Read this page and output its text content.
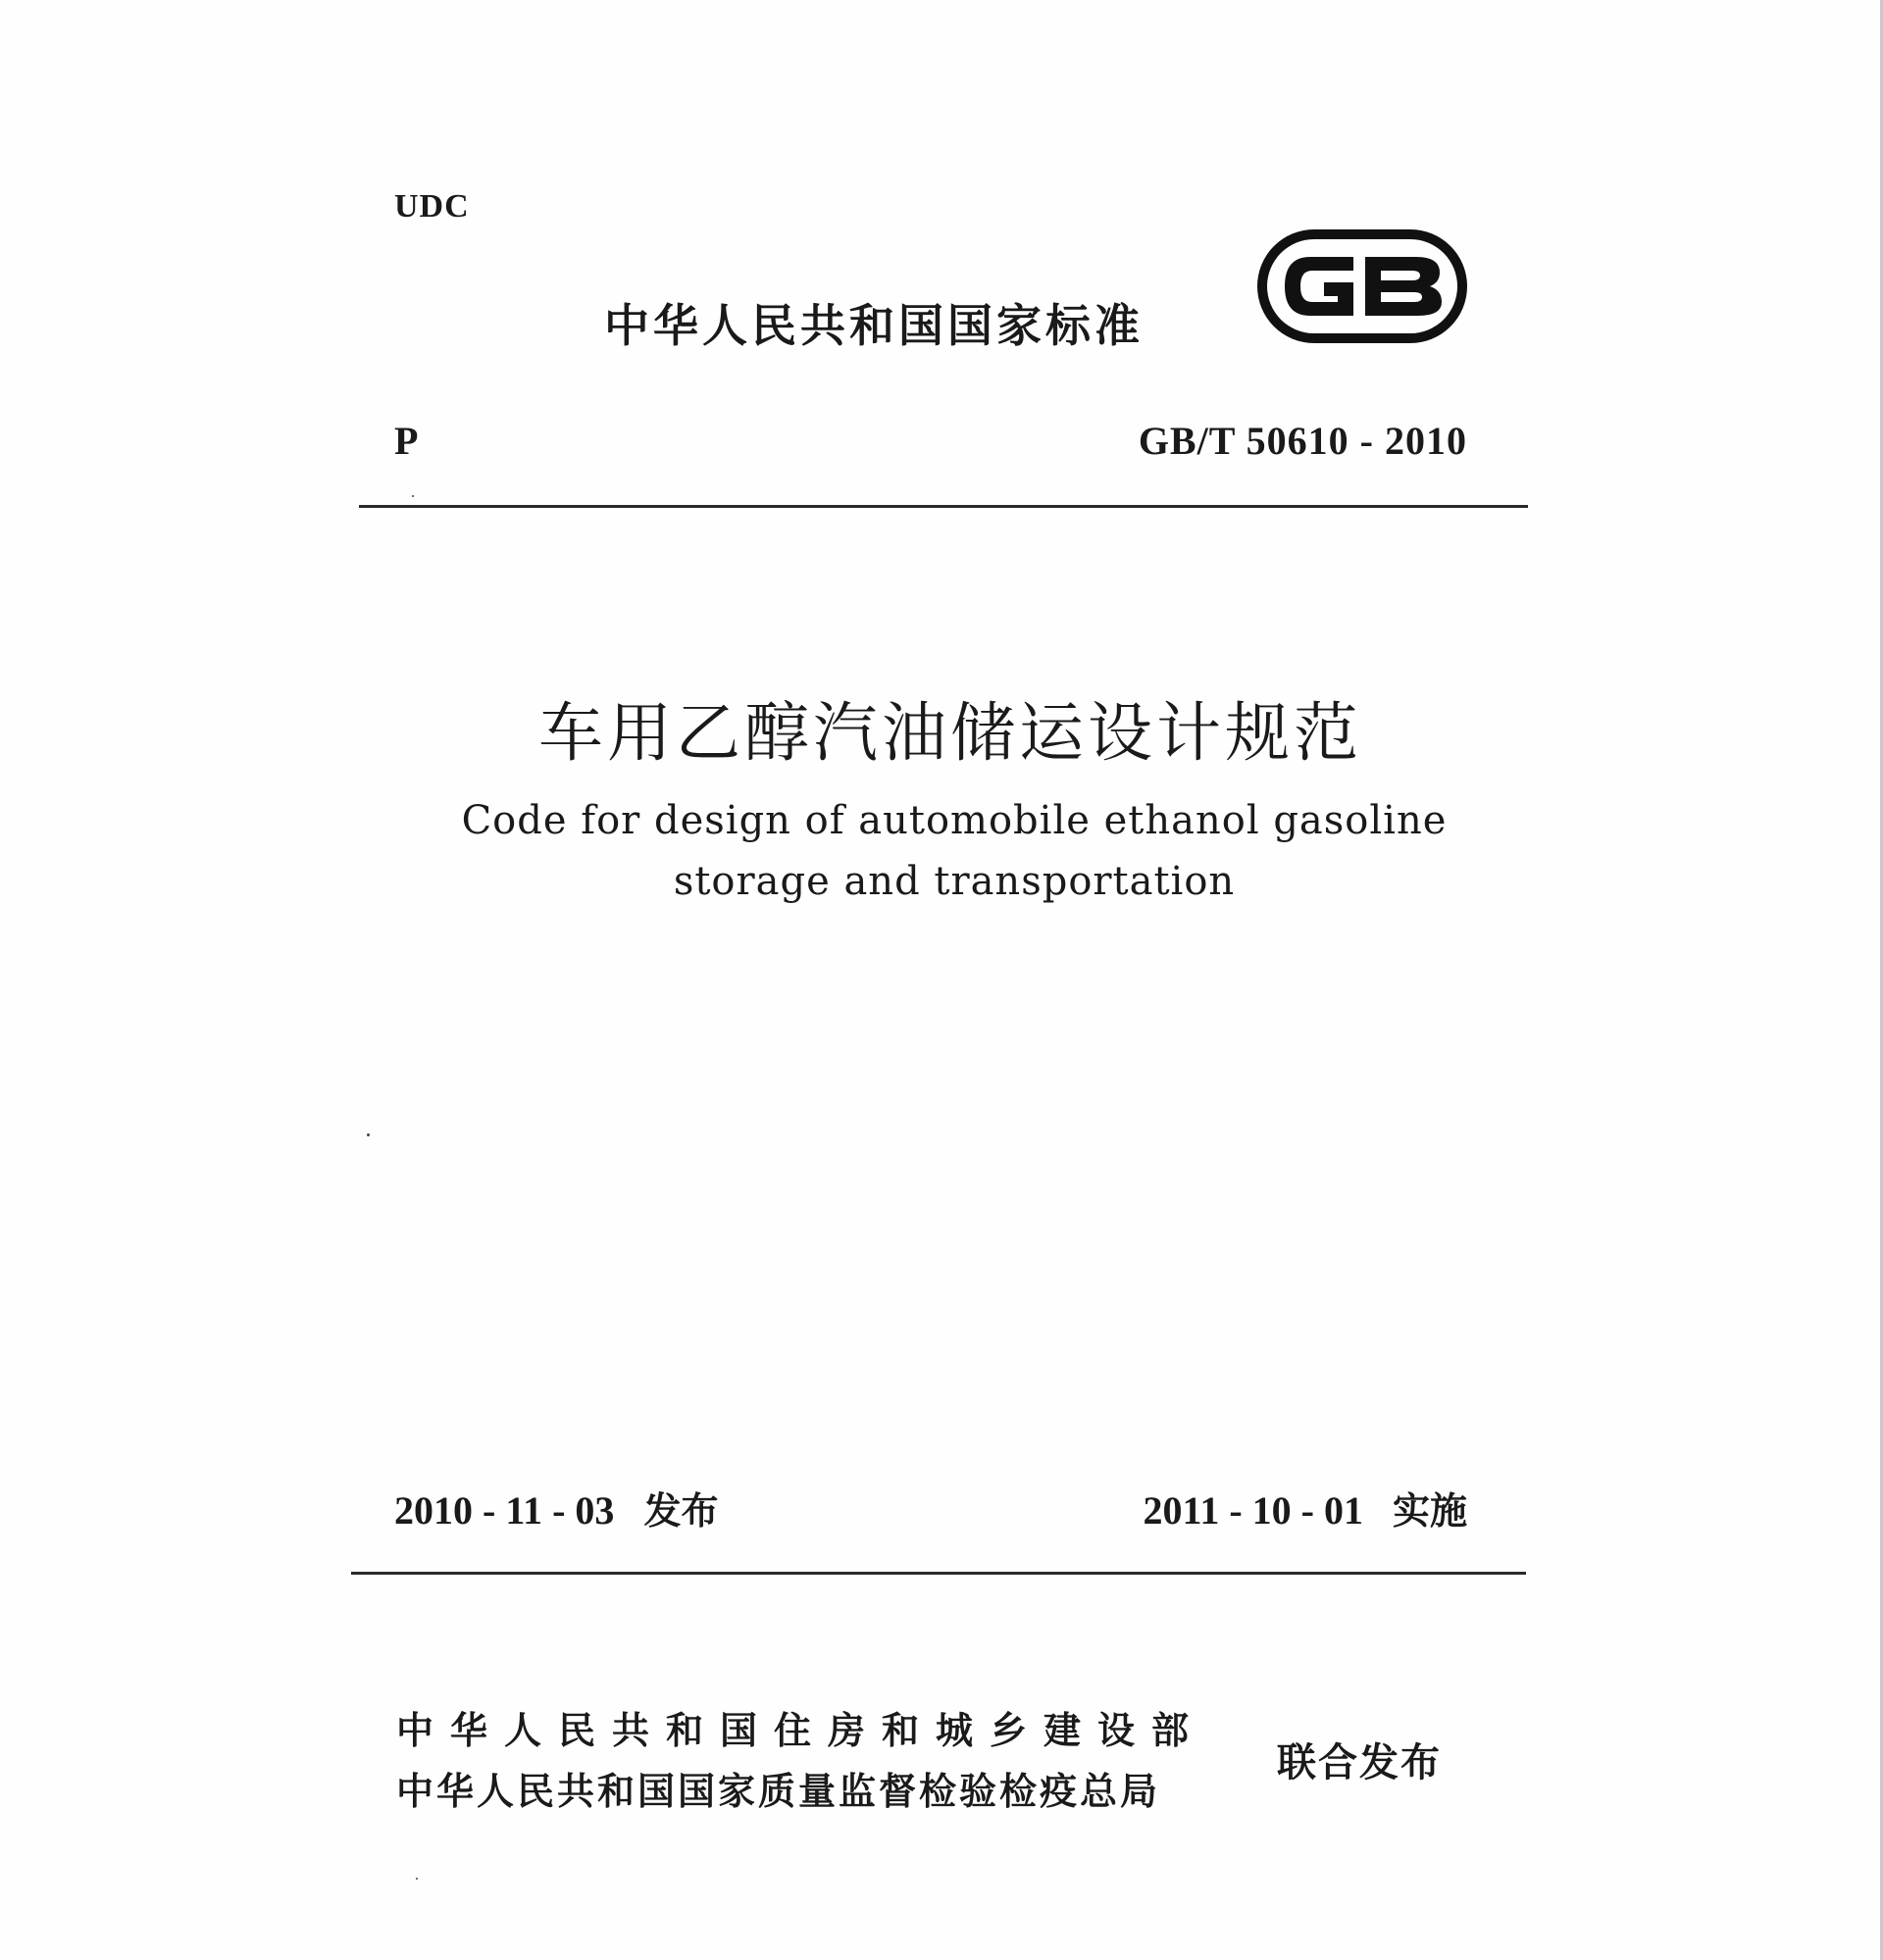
UDC
中华人民共和国国家标准
P	GB/T 50610 - 2010
车用乙醇汽油储运设计规范
Code for design of automobile ethanol gasoline
storage and transportation
2010 - 11 - 03 发布	2011 - 10 - 01 实施
中华人民共和国住房和城乡建设部
中华人民共和国国家质量监督检验检疫总局
联合发布
